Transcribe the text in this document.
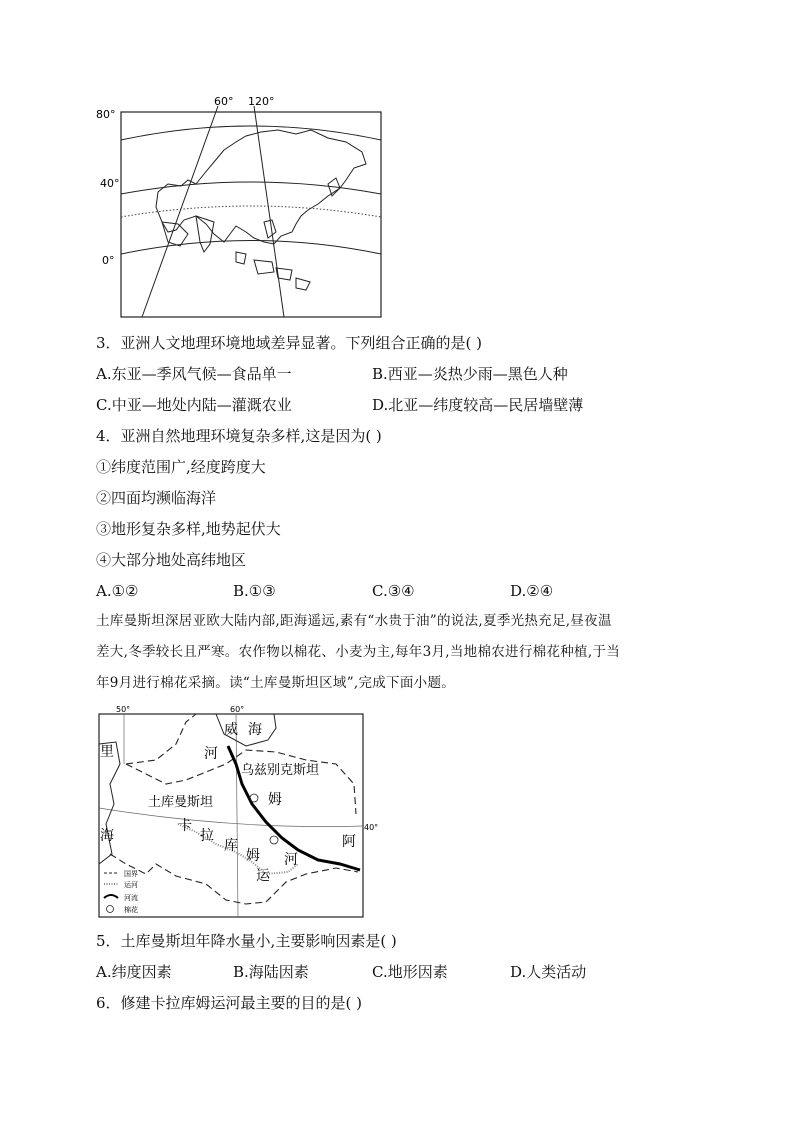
60° 120°
80°
40°
0°
3．亚洲人文地理环境地域差异显著。下列组合正确的是( )
A.东亚—季风气候—食品单一	B.西亚—炎热少雨—黑色人种
C.中亚—地处内陆—灌溉农业	D.北亚—纬度较高—民居墙壁薄
4．亚洲自然地理环境复杂多样,这是因为( )
①纬度范围广,经度跨度大
②四面均濒临海洋
③地形复杂多样,地势起伏大
④大部分地处高纬地区
A.①②	B.①③	C.③④	D.②④
土库曼斯坦深居亚欧大陆内部,距海遥远,素有“水贵于油”的说法,夏季光热充足,昼夜温
差大,冬季较长且严寒。农作物以棉花、小麦为主,每年3月,当地棉农进行棉花种植,于当
年9月进行棉花采摘。读“土库曼斯坦区域”,完成下面小题。
国界
运河
河流
棉花
50°	60°
40°
里
海
威 海
河
乌兹别克斯坦
姆
土库曼斯坦
卡
拉
库
姆
阿
运
河
5．土库曼斯坦年降水量小,主要影响因素是( )
A.纬度因素	B.海陆因素	C.地形因素	D.人类活动
6．修建卡拉库姆运河最主要的目的是( )
